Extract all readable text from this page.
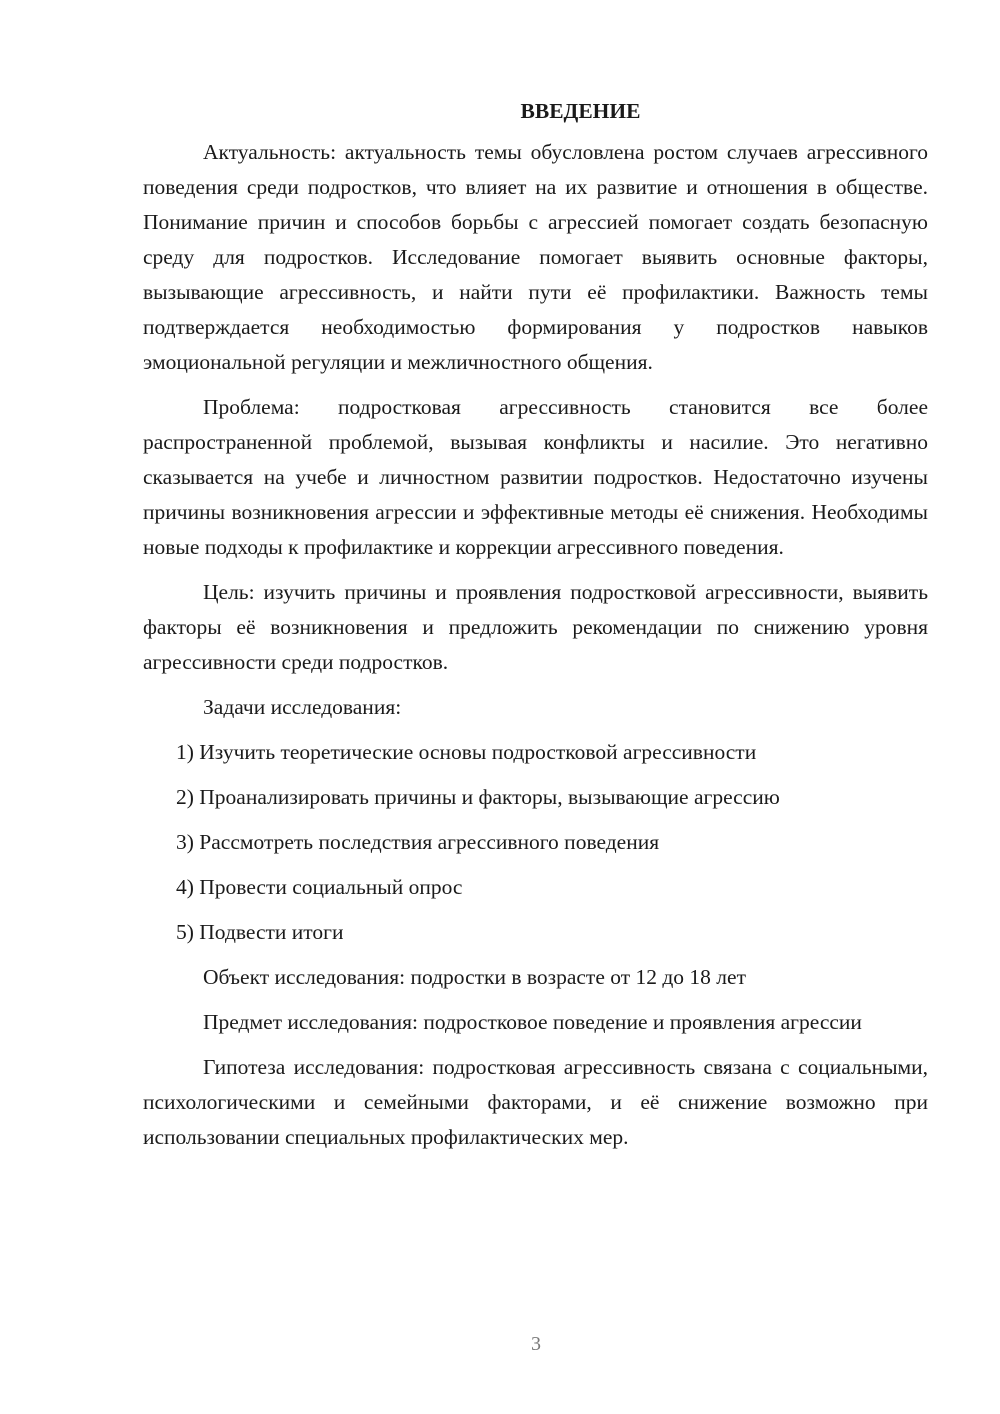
ВВЕДЕНИЕ

Актуальность: актуальность темы обусловлена ростом случаев агрессивного поведения среди подростков, что влияет на их развитие и отношения в обществе. Понимание причин и способов борьбы с агрессией помогает создать безопасную среду для подростков. Исследование помогает выявить основные факторы, вызывающие агрессивность, и найти пути её профилактики. Важность темы подтверждается необходимостью формирования у подростков навыков эмоциональной регуляции и межличностного общения.

Проблема: подростковая агрессивность становится все более распространенной проблемой, вызывая конфликты и насилие. Это негативно сказывается на учебе и личностном развитии подростков. Недостаточно изучены причины возникновения агрессии и эффективные методы её снижения. Необходимы новые подходы к профилактике и коррекции агрессивного поведения.

Цель: изучить причины и проявления подростковой агрессивности, выявить факторы её возникновения и предложить рекомендации по снижению уровня агрессивности среди подростков.

Задачи исследования:

1) Изучить теоретические основы подростковой агрессивности
2) Проанализировать причины и факторы, вызывающие агрессию
3) Рассмотреть последствия агрессивного поведения
4) Провести социальный опрос
5) Подвести итоги

Объект исследования: подростки в возрасте от 12 до 18 лет

Предмет исследования: подростковое поведение и проявления агрессии

Гипотеза исследования: подростковая агрессивность связана с социальными, психологическими и семейными факторами, и её снижение возможно при использовании специальных профилактических мер.

3
